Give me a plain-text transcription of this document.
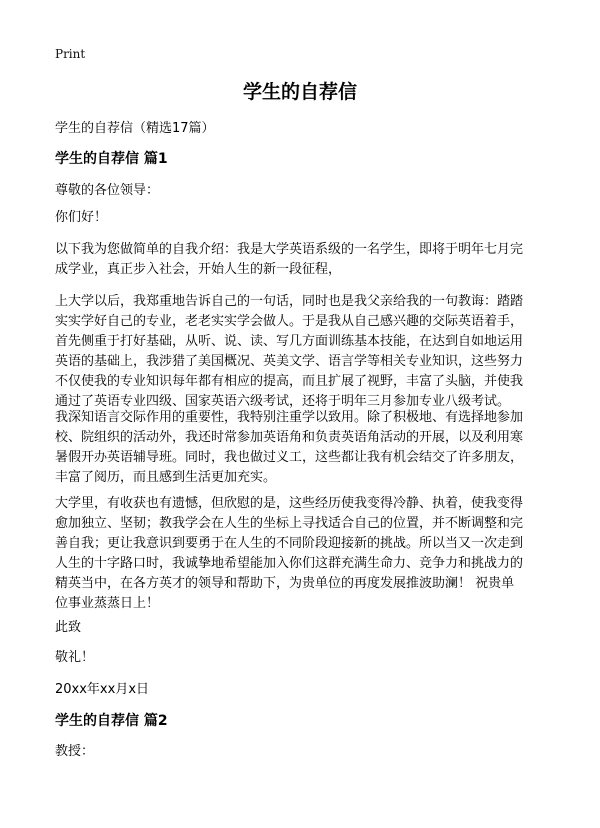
Print
学生的自荐信
学生的自荐信（精选17篇）
学生的自荐信 篇1
尊敬的各位领导：
你们好！
以下我为您做简单的自我介绍：我是大学英语系级的一名学生，即将于明年七月完
成学业，真正步入社会，开始人生的新一段征程，
上大学以后，我郑重地告诉自己的一句话，同时也是我父亲给我的一句教诲：踏踏
实实学好自己的专业，老老实实学会做人。于是我从自己感兴趣的交际英语着手，
首先侧重于打好基础，从听、说、读、写几方面训练基本技能，在达到自如地运用
英语的基础上，我涉猎了美国概况、英美文学、语言学等相关专业知识，这些努力
不仅使我的专业知识每年都有相应的提高，而且扩展了视野，丰富了头脑，并使我
通过了英语专业四级、国家英语六级考试，还将于明年三月参加专业八级考试。
我深知语言交际作用的重要性，我特别注重学以致用。除了积极地、有选择地参加
校、院组织的活动外，我还时常参加英语角和负责英语角活动的开展，以及利用寒
暑假开办英语辅导班。同时，我也做过义工，这些都让我有机会结交了许多朋友，
丰富了阅历，而且感到生活更加充实。
大学里，有收获也有遗憾，但欣慰的是，这些经历使我变得冷静、执着，使我变得
愈加独立、坚韧；教我学会在人生的坐标上寻找适合自己的位置，并不断调整和完
善自我；更让我意识到要勇于在人生的不同阶段迎接新的挑战。所以当又一次走到
人生的十字路口时，我诚挚地希望能加入你们这群充满生命力、竞争力和挑战力的
精英当中，在各方英才的领导和帮助下，为贵单位的再度发展推波助澜！ 祝贵单
位事业蒸蒸日上！
此致
敬礼！
20xx年xx月x日
学生的自荐信 篇2
教授：
